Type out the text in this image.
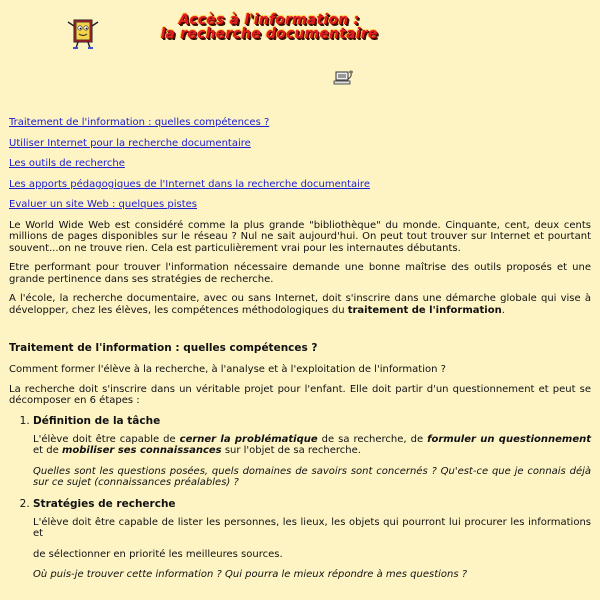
Accès à l'information :
la recherche documentaire
Traitement de l'information : quelles compétences ?
Utiliser Internet pour la recherche documentaire
Les outils de recherche
Les apports pédagogiques de l'Internet dans la recherche documentaire
Evaluer un site Web : quelques pistes

Le World Wide Web est considéré comme la plus grande "bibliothèque" du monde. Cinquante, cent, deux cents millions de pages disponibles sur le réseau ? Nul ne sait aujourd'hui. On peut tout trouver sur Internet et pourtant souvent...on ne trouve rien. Cela est particulièrement vrai pour les internautes débutants.

Etre performant pour trouver l'information nécessaire demande une bonne maîtrise des outils proposés et une grande pertinence dans ses stratégies de recherche.

A l'école, la recherche documentaire, avec ou sans Internet, doit s'inscrire dans une démarche globale qui vise à développer, chez les élèves, les compétences méthodologiques du traitement de l'information.

Traitement de l'information : quelles compétences ?

Comment former l'élève à la recherche, à l'analyse et à l'exploitation de l'information ?

La recherche doit s'inscrire dans un véritable projet pour l'enfant. Elle doit partir d'un questionnement et peut se décomposer en 6 étapes :

1. Définition de la tâche

L'élève doit être capable de cerner la problématique de sa recherche, de formuler un questionnement et de mobiliser ses connaissances sur l'objet de sa recherche.

Quelles sont les questions posées, quels domaines de savoirs sont concernés ? Qu'est-ce que je connais déjà sur ce sujet (connaissances préalables) ?

2. Stratégies de recherche

L'élève doit être capable de lister les personnes, les lieux, les objets qui pourront lui procurer les informations et

de sélectionner en priorité les meilleures sources.

Où puis-je trouver cette information ? Qui pourra le mieux répondre à mes questions ?
